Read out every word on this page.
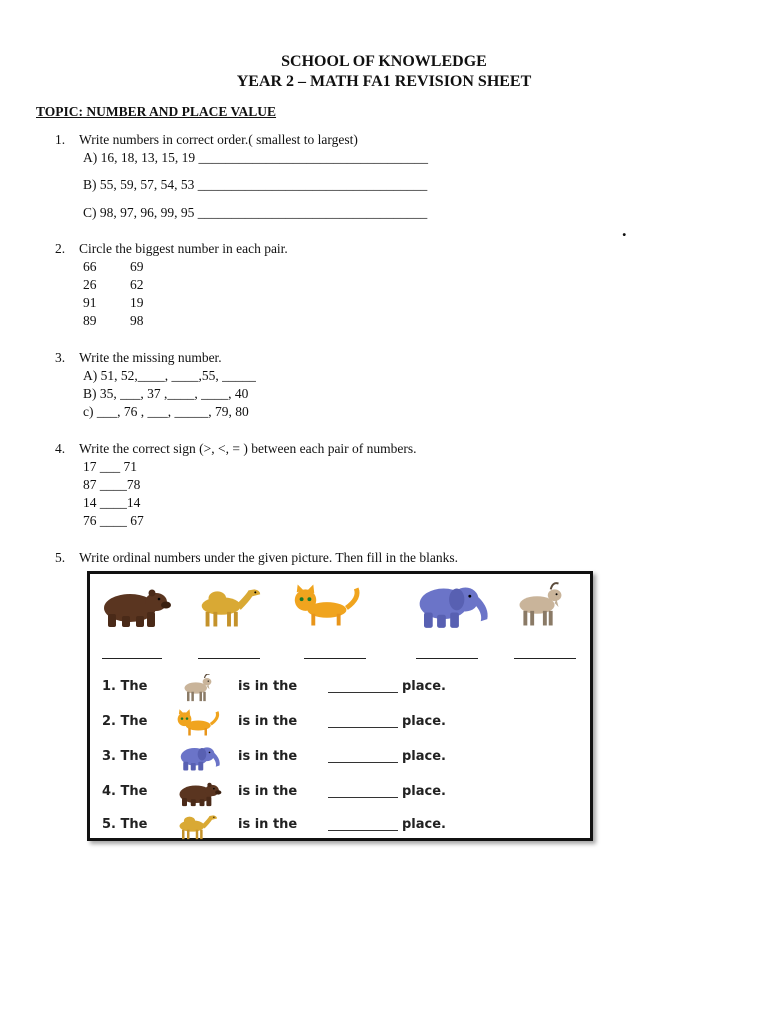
SCHOOL OF KNOWLEDGE
YEAR 2 – MATH FA1 REVISION SHEET
TOPIC: NUMBER AND PLACE VALUE
1. Write numbers in correct order.( smallest to largest)
A) 16, 18, 13, 15, 19 __________________________________
B) 55, 59, 57, 54, 53 __________________________________
C) 98, 97, 96, 99, 95 __________________________________
.
2. Circle the biggest number in each pair.
66 69
26 62
91 19
89 98
3. Write the missing number.
A) 51, 52,____, ____,55, _____
B) 35, ___, 37 ,____, ____, 40
c) ___, 76 , ___, _____, 79, 80
4. Write the correct sign (>, <, = ) between each pair of numbers.
17 ___ 71
87 ____78
14 ____14
76 ____ 67
5. Write ordinal numbers under the given picture. Then fill in the blanks.
1. The	is in the	place.
2. The	is in the	place.
3. The	is in the	place.
4. The	is in the	place.
5. The	is in the	place.
